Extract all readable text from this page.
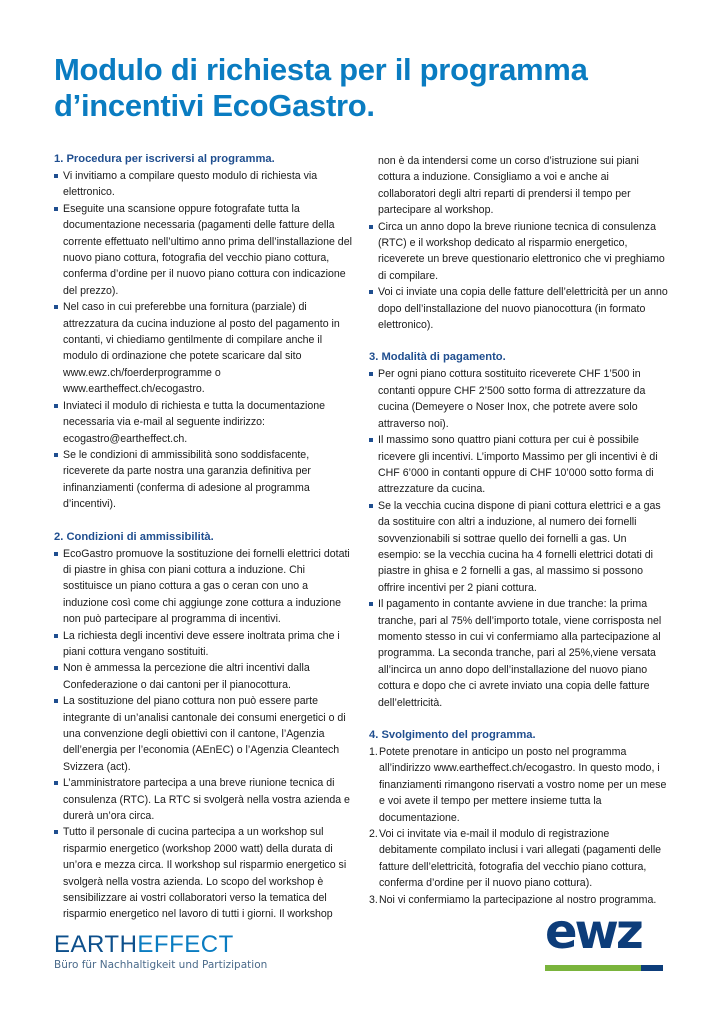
Modulo di richiesta per il programma
d’incentivi EcoGastro.
1. Procedura per iscriversi al programma.
Vi invitiamo a compilare questo modulo di richiesta via elettronico.
Eseguite una scansione oppure fotografate tutta la documentazione necessaria (pagamenti delle fatture della corrente effettuato nell’ultimo anno prima dell’installazione del nuovo piano cottura, fotografia del vecchio piano cottura, conferma d’ordine per il nuovo piano cottura con indicazione del prezzo).
Nel caso in cui preferebbe una fornitura (parziale) di attrezzatura da cucina induzione al posto del pagamento in contanti, vi chiediamo gentilmente di compilare anche il modulo di ordinazione che potete scaricare dal sito www.ewz.ch/foerderprogramme o www.eartheffect.ch/ecogastro.
Inviateci il modulo di richiesta e tutta la documentazione necessaria via e-mail al seguente indirizzo: ecogastro@eartheffect.ch.
Se le condizioni di ammissibilità sono soddisfacente, riceverete da parte nostra una garanzia definitiva per infinanziamenti (conferma di adesione al programma d’incentivi).
2. Condizioni di ammissibilità.
EcoGastro promuove la sostituzione dei fornelli elettrici dotati di piastre in ghisa con piani cottura a induzione. Chi sostituisce un piano cottura a gas o ceran con uno a induzione così come chi aggiunge zone cottura a induzione non può partecipare al programma di incentivi.
La richiesta degli incentivi deve essere inoltrata prima che i piani cottura vengano sostituiti.
Non è ammessa la percezione die altri incentivi dalla Confederazione o dai cantoni per il pianocottura.
La sostituzione del piano cottura non può essere parte integrante di un’analisi cantonale dei consumi energetici o di una convenzione degli obiettivi con il cantone, l’Agenzia dell’energia per l’economia (AEnEC) o l’Agenzia Cleantech Svizzera (act).
L’amministratore partecipa a una breve riunione tecnica di consulenza (RTC). La RTC si svolgerà nella vostra azienda e durerà un’ora circa.
Tutto il personale di cucina partecipa a un workshop sul risparmio energetico (workshop 2000 watt) della durata di un’ora e mezza circa. Il workshop sul risparmio energetico si svolgerà nella vostra azienda. Lo scopo del workshop è sensibilizzare ai vostri collaboratori verso la tematica del risparmio energetico nel lavoro di tutti i giorni. Il workshop
non è da intendersi come un corso d’istruzione sui piani cottura a induzione. Consigliamo a voi e anche ai collaboratori degli altri reparti di prendersi il tempo per partecipare al workshop.
Circa un anno dopo la breve riunione tecnica di consulenza (RTC) e il workshop dedicato al risparmio energetico, riceverete un breve questionario elettronico che vi preghiamo di compilare.
Voi ci inviate una copia delle fatture dell’elettricità per un anno dopo dell’installazione del nuovo pianocottura (in formato elettronico).
3. Modalità di pagamento.
Per ogni piano cottura sostituito riceverete CHF 1’500 in contanti oppure CHF 2’500 sotto forma di attrezzature da cucina (Demeyere o Noser Inox, che potrete avere solo attraverso noi).
Il massimo sono quattro piani cottura per cui è possibile ricevere gli incentivi. L’importo Massimo per gli incentivi è di CHF 6’000 in contanti oppure di CHF 10’000 sotto forma di attrezzature da cucina.
Se la vecchia cucina dispone di piani cottura elettrici e a gas da sostituire con altri a induzione, al numero dei fornelli sovvenzionabili si sottrae quello dei fornelli a gas. Un esempio: se la vecchia cucina ha 4 fornelli elettrici dotati di piastre in ghisa e 2 fornelli a gas, al massimo si possono offrire incentivi per 2 piani cottura.
Il pagamento in contante avviene in due tranche: la prima tranche, pari al 75% dell’importo totale, viene corrisposta nel momento stesso in cui vi confermiamo alla partecipazione al programma. La seconda tranche, pari al 25%,viene versata all’incirca un anno dopo dell’installazione del nuovo piano cottura e dopo che ci avrete inviato una copia delle fatture dell’elettricità.
4. Svolgimento del programma.
1. Potete prenotare in anticipo un posto nel programma all’indirizzo www.eartheffect.ch/ecogastro. In questo modo, i finanziamenti rimangono riservati a vostro nome per un mese e voi avete il tempo per mettere insieme tutta la documentazione.
2. Voi ci invitate via e-mail il modulo di registrazione debitamente compilato inclusi i vari allegati (pagamenti delle fatture dell’elettricità, fotografia del vecchio piano cottura, conferma d’ordine per il nuovo piano cottura).
3. Noi vi confermiamo la partecipazione al nostro programma.
EARTHEFFECT
Büro für Nachhaltigkeit und Partizipation
ewz
